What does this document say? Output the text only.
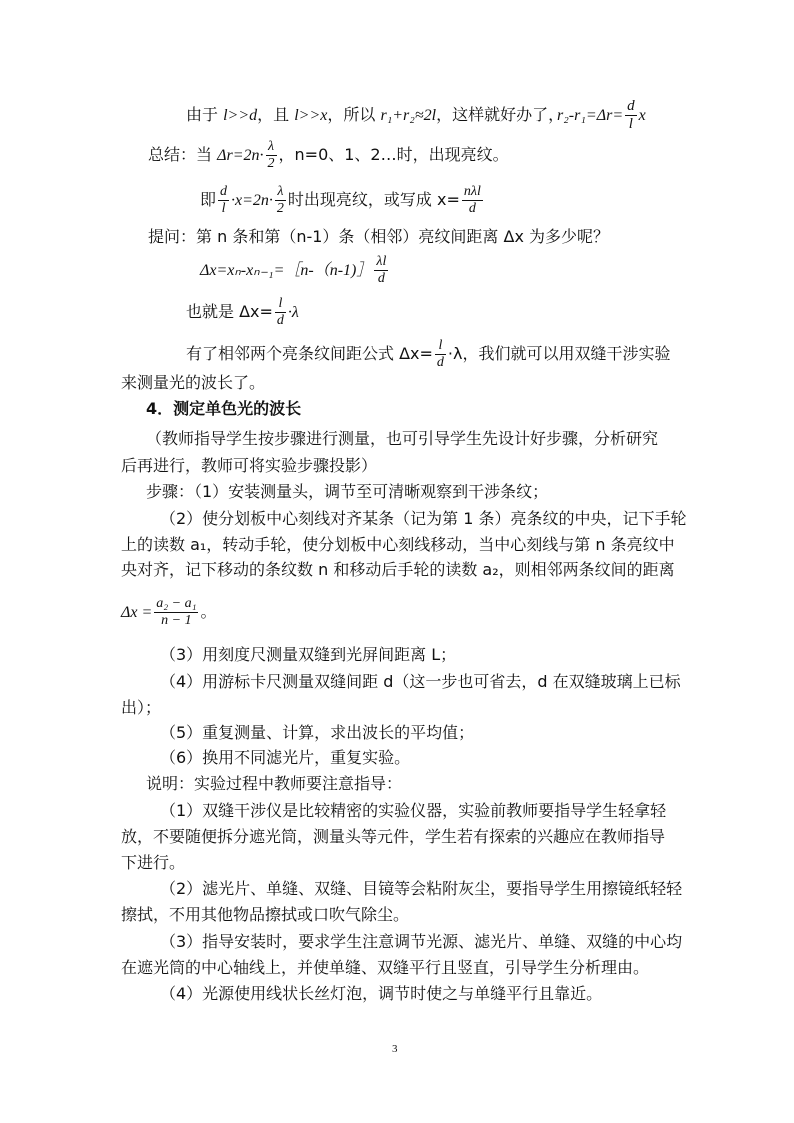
由于 l>>d，且 l>>x，所以 r₁+r₂≈2l，这样就好办了，
$r_2-r_1=\Delta r= \frac{d}{l}$ x
总结：当 $\Delta r=2n\cdot \frac{\lambda}{2}$ ，n=0、1、2…时，出现亮纹。
即 $\frac{d}{l} \cdot x=2n\cdot \frac{\lambda}{2}$ 时出现亮纹，或写成 $x= \frac{\text{nλl}}{d}$
提问：第 n 条和第（n-1）条（相邻）亮纹间距离 Δx 为多少呢？
Δx=xₙ-xₙ₋₁=［n-（n-1)］ $\frac{\lambda l}{d}$
也就是 $\Delta x= \frac{l}{d} \cdot\lambda$
有了相邻两个亮条纹间距公式 $\Delta x= \frac{l}{d} \cdot\lambda$，我们就可以用双缝干涉实验
来测量光的波长了。
4．测定单色光的波长
（教师指导学生按步骤进行测量，也可引导学生先设计好步骤，分析研究
后再进行，教师可将实验步骤投影）
步骤：（1）安装测量头，调节至可清晰观察到干涉条纹；
（2）使分划板中心刻线对齐某条（记为第 1 条）亮条纹的中央，记下手轮
上的读数 a₁，转动手轮，使分划板中心刻线移动，当中心刻线与第 n 条亮纹中
央对齐，记下移动的条纹数 n 和移动后手轮的读数 a₂，则相邻两条纹间的距离
$\Delta x = \frac{\text{a₂ − a₁}}{n - 1}$ 。
（3）用刻度尺测量双缝到光屏间距离 L；
（4）用游标卡尺测量双缝间距 d（这一步也可省去，d 在双缝玻璃上已标
出）；
（5）重复测量、计算，求出波长的平均值；
（6）换用不同滤光片，重复实验。
说明：实验过程中教师要注意指导：
（1）双缝干涉仪是比较精密的实验仪器，实验前教师要指导学生轻拿轻
放，不要随便拆分遮光筒，测量头等元件，学生若有探索的兴趣应在教师指导
下进行。
（2）滤光片、单缝、双缝、目镜等会粘附灰尘，要指导学生用擦镜纸轻轻
擦拭，不用其他物品擦拭或口吹气除尘。
（3）指导安装时，要求学生注意调节光源、滤光片、单缝、双缝的中心均
在遮光筒的中心轴线上，并使单缝、双缝平行且竖直，引导学生分析理由。
（4）光源使用线状长丝灯泡，调节时使之与单缝平行且靠近。
3
